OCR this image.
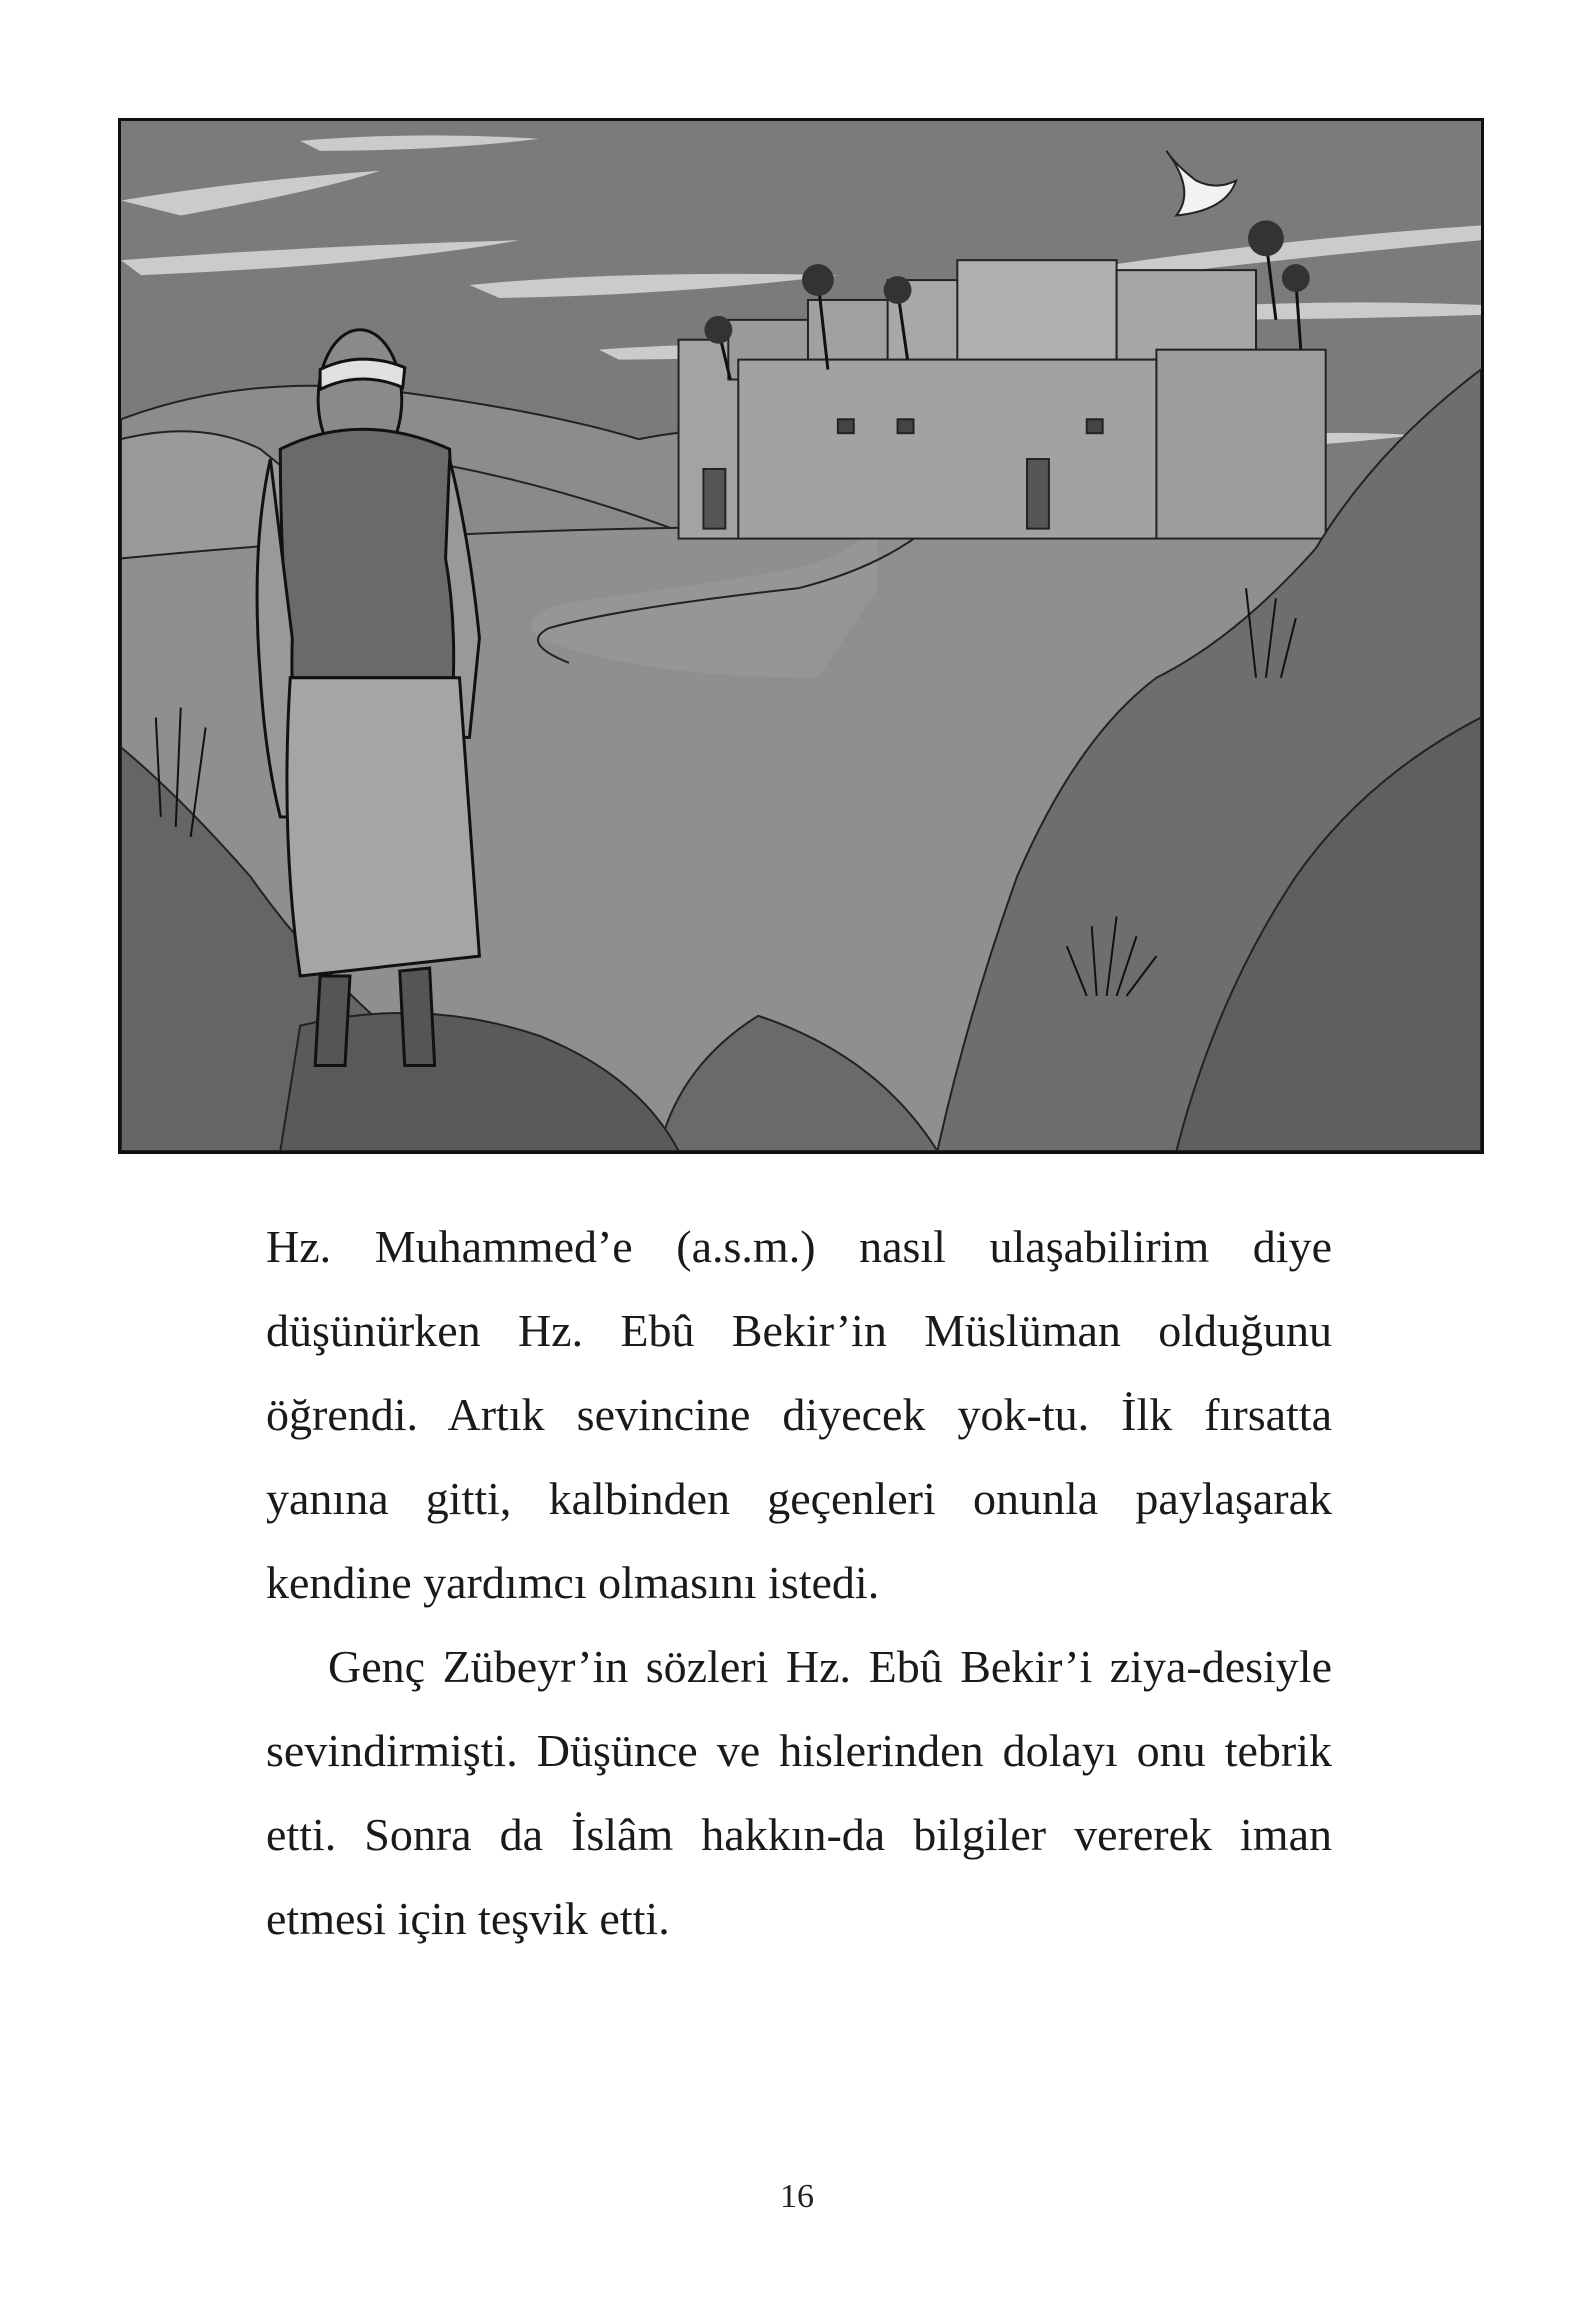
Hz. Muhammed’e (a.s.m.) nasıl ulaşabilirim diye düşünürken Hz. Ebû Bekir’in Müslüman olduğunu öğrendi. Artık sevincine diyecek yok-tu. İlk fırsatta yanına gitti, kalbinden geçenleri onunla paylaşarak kendine yardımcı olmasını istedi.

Genç Zübeyr’in sözleri Hz. Ebû Bekir’i ziya-desiyle sevindirmişti. Düşünce ve hislerinden dolayı onu tebrik etti. Sonra da İslâm hakkın-da bilgiler vererek iman etmesi için teşvik etti.

16
